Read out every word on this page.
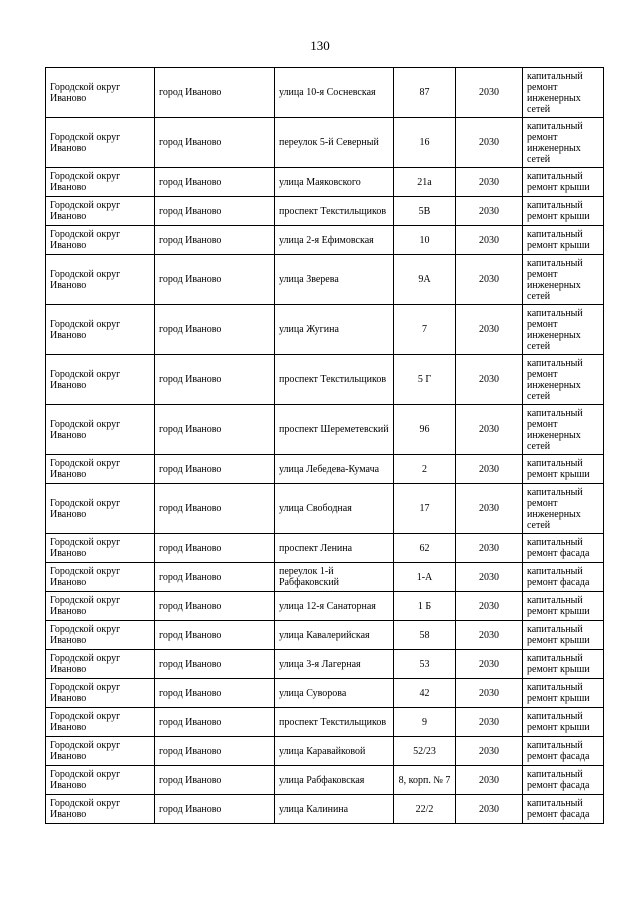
130
Городской округ Иваново	город Иваново	улица 10-я Сосневская	87	2030	капитальный ремонт инженерных сетей
Городской округ Иваново	город Иваново	переулок 5-й Северный	16	2030	капитальный ремонт инженерных сетей
Городской округ Иваново	город Иваново	улица Маяковского	21а	2030	капитальный ремонт крыши
Городской округ Иваново	город Иваново	проспект Текстильщиков	5В	2030	капитальный ремонт крыши
Городской округ Иваново	город Иваново	улица 2-я Ефимовская	10	2030	капитальный ремонт крыши
Городской округ Иваново	город Иваново	улица Зверева	9А	2030	капитальный ремонт инженерных сетей
Городской округ Иваново	город Иваново	улица Жугина	7	2030	капитальный ремонт инженерных сетей
Городской округ Иваново	город Иваново	проспект Текстильщиков	5 Г	2030	капитальный ремонт инженерных сетей
Городской округ Иваново	город Иваново	проспект Шереметевский	96	2030	капитальный ремонт инженерных сетей
Городской округ Иваново	город Иваново	улица Лебедева-Кумача	2	2030	капитальный ремонт крыши
Городской округ Иваново	город Иваново	улица Свободная	17	2030	капитальный ремонт инженерных сетей
Городской округ Иваново	город Иваново	проспект Ленина	62	2030	капитальный ремонт фасада
Городской округ Иваново	город Иваново	переулок 1-й Рабфаковский	1-А	2030	капитальный ремонт фасада
Городской округ Иваново	город Иваново	улица 12-я Санаторная	1 Б	2030	капитальный ремонт крыши
Городской округ Иваново	город Иваново	улица Кавалерийская	58	2030	капитальный ремонт крыши
Городской округ Иваново	город Иваново	улица 3-я Лагерная	53	2030	капитальный ремонт крыши
Городской округ Иваново	город Иваново	улица Суворова	42	2030	капитальный ремонт крыши
Городской округ Иваново	город Иваново	проспект Текстильщиков	9	2030	капитальный ремонт крыши
Городской округ Иваново	город Иваново	улица Каравайковой	52/23	2030	капитальный ремонт фасада
Городской округ Иваново	город Иваново	улица Рабфаковская	8, корп. № 7	2030	капитальный ремонт фасада
Городской округ Иваново	город Иваново	улица Калинина	22/2	2030	капитальный ремонт фасада
